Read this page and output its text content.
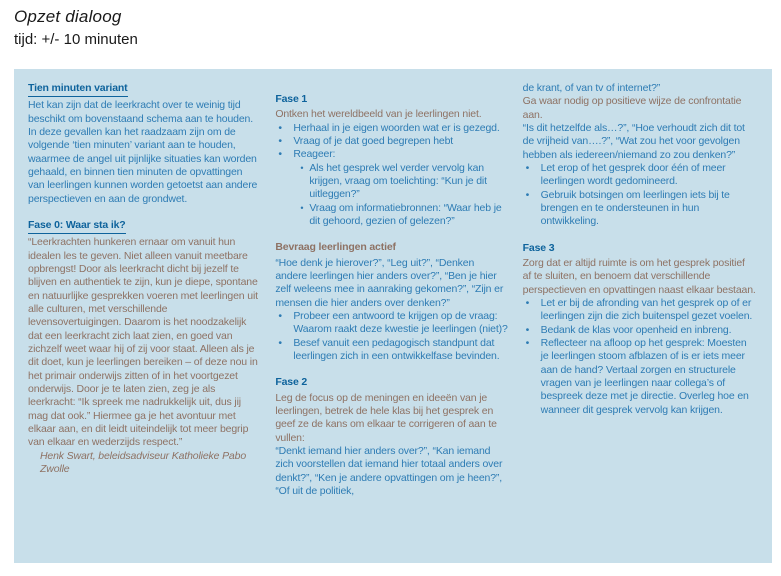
Opzet dialoog

tijd: +/- 10 minuten

Tien minuten variant

Het kan zijn dat de leerkracht over te weinig tijd beschikt om bovenstaand schema aan te houden. In deze gevallen kan het raadzaam zijn om de volgende ‘tien minuten’ variant aan te houden, waarmee de angel uit pijnlijke situaties kan worden gehaald, en binnen tien minuten de opvattingen van leerlingen kunnen worden getoetst aan andere perspectieven en aan de grondwet.

Fase 0: Waar sta ik?

“Leerkrachten hunkeren ernaar om vanuit hun idealen les te geven. Niet alleen vanuit meetbare opbrengst! Door als leerkracht dicht bij jezelf te blijven en authentiek te zijn, kun je diepe, spontane en natuurlijke gesprekken voeren met leerlingen uit alle culturen, met verschillende levensovertuigingen. Daarom is het noodzakelijk dat een leerkracht zich laat zien, en goed van zichzelf weet waar hij of zij voor staat. Alleen als je dit doet, kun je leerlingen bereiken – of deze nou in het primair onderwijs zitten of in het voortgezet onderwijs. Door je te laten zien, zeg je als leerkracht: “Ik spreek me nadrukkelijk uit, dus jij mag dat ook.” Hiermee ga je het avontuur met elkaar aan, en dit leidt uiteindelijk tot meer begrip van elkaar en wederzijds respect.”

Henk Swart, beleidsadviseur Katholieke Pabo Zwolle

Fase 1

Ontken het wereldbeeld van je leerlingen niet.

• Herhaal in je eigen woorden wat er is gezegd.
• Vraag of je dat goed begrepen hebt
• Reageer:
• Als het gesprek wel verder vervolg kan krijgen, vraag om toelichting: “Kun je dit uitleggen?”
• Vraag om informatiebronnen: “Waar heb je dit gehoord, gezien of gelezen?”
Bevraag leerlingen actief

“Hoe denk je hierover?”, “Leg uit?”, “Denken andere leerlingen hier anders over?”, “Ben je hier zelf weleens mee in aanraking gekomen?”, “Zijn er mensen die hier anders over denken?”

• Probeer een antwoord te krijgen op de vraag: Waarom raakt deze kwestie je leerlingen (niet)?
• Besef vanuit een pedagogisch standpunt dat leerlingen zich in een ontwikkelfase bevinden.
Fase 2

Leg de focus op de meningen en ideeën van je leerlingen, betrek de hele klas bij het gesprek en geef ze de kans om elkaar te corrigeren of aan te vullen:

“Denkt iemand hier anders over?”, “Kan iemand zich voorstellen dat iemand hier totaal anders over denkt?”, “Ken je andere opvattingen om je heen?”, “Of uit de politiek,

de krant, of van tv of internet?”

Ga waar nodig op positieve wijze de confrontatie aan.

“Is dit hetzelfde als…?”, “Hoe verhoudt zich dit tot de vrijheid van….?”, “Wat zou het voor gevolgen hebben als iedereen/niemand zo zou denken?”

• Let erop of het gesprek door één of meer leerlingen wordt gedomineerd.
• Gebruik botsingen om leerlingen iets bij te brengen en te ondersteunen in hun ontwikkeling.
Fase 3

Zorg dat er altijd ruimte is om het gesprek positief af te sluiten, en benoem dat verschillende perspectieven en opvattingen naast elkaar bestaan.

• Let er bij de afronding van het gesprek op of er leerlingen zijn die zich buitenspel gezet voelen.
• Bedank de klas voor openheid en inbreng.
• Reflecteer na afloop op het gesprek: Moesten je leerlingen stoom afblazen of is er iets meer aan de hand? Vertaal zorgen en structurele vragen van je leerlingen naar collega’s of bespreek deze met je directie. Overleg hoe en wanneer dit gesprek vervolg kan krijgen.
